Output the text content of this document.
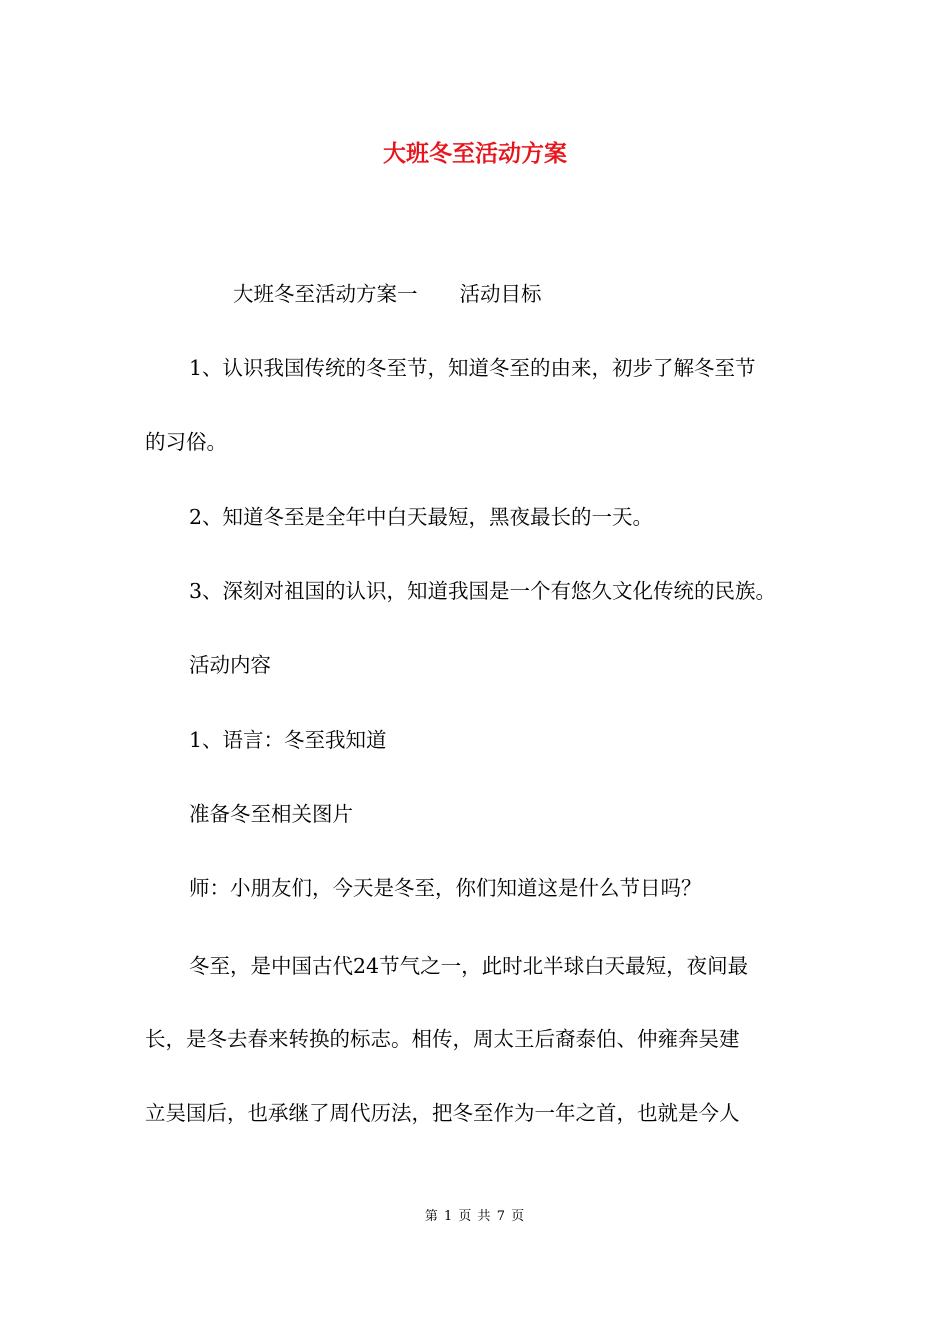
大班冬至活动方案
大班冬至活动方案一 活动目标

1、认识我国传统的冬至节，知道冬至的由来，初步了解冬至节

的习俗。

2、知道冬至是全年中白天最短，黑夜最长的一天。

3、深刻对祖国的认识，知道我国是一个有悠久文化传统的民族。

活动内容

1、语言：冬至我知道

准备冬至相关图片

师：小朋友们，今天是冬至，你们知道这是什么节日吗？

冬至，是中国古代24节气之一，此时北半球白天最短，夜间最

长，是冬去春来转换的标志。相传，周太王后裔泰伯、仲雍奔吴建

立吴国后，也承继了周代历法，把冬至作为一年之首，也就是今人

第 1 页 共 7 页
